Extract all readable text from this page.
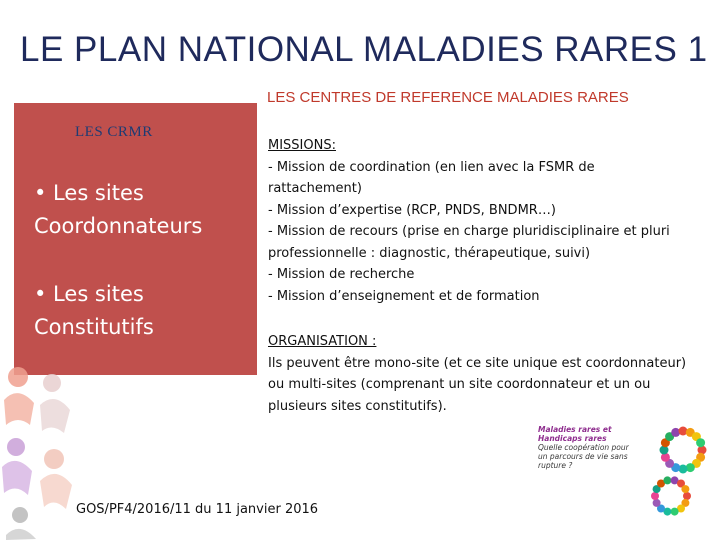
LE PLAN NATIONAL MALADIES RARES 1
LES CENTRES DE REFERENCE MALADIES RARES
LES CRMR
• Les sites Coordonnateurs
• Les sites Constitutifs
MISSIONS:
- Mission de coordination (en lien avec la FSMR de rattachement)
- Mission d’expertise (RCP, PNDS, BNDMR…)
- Mission de recours (prise en charge pluridisciplinaire et pluri professionnelle : diagnostic, thérapeutique, suivi)
- Mission de recherche
- Mission d’enseignement et de formation
ORGANISATION :
Ils peuvent être mono-site (et ce site unique est coordonnateur) ou multi-sites (comprenant un site coordonnateur et un ou plusieurs sites constitutifs).
GOS/PF4/2016/11 du 11 janvier 2016
Maladies rares et
Handicaps rares
Quelle coopération pour
un parcours de vie sans
rupture ?
